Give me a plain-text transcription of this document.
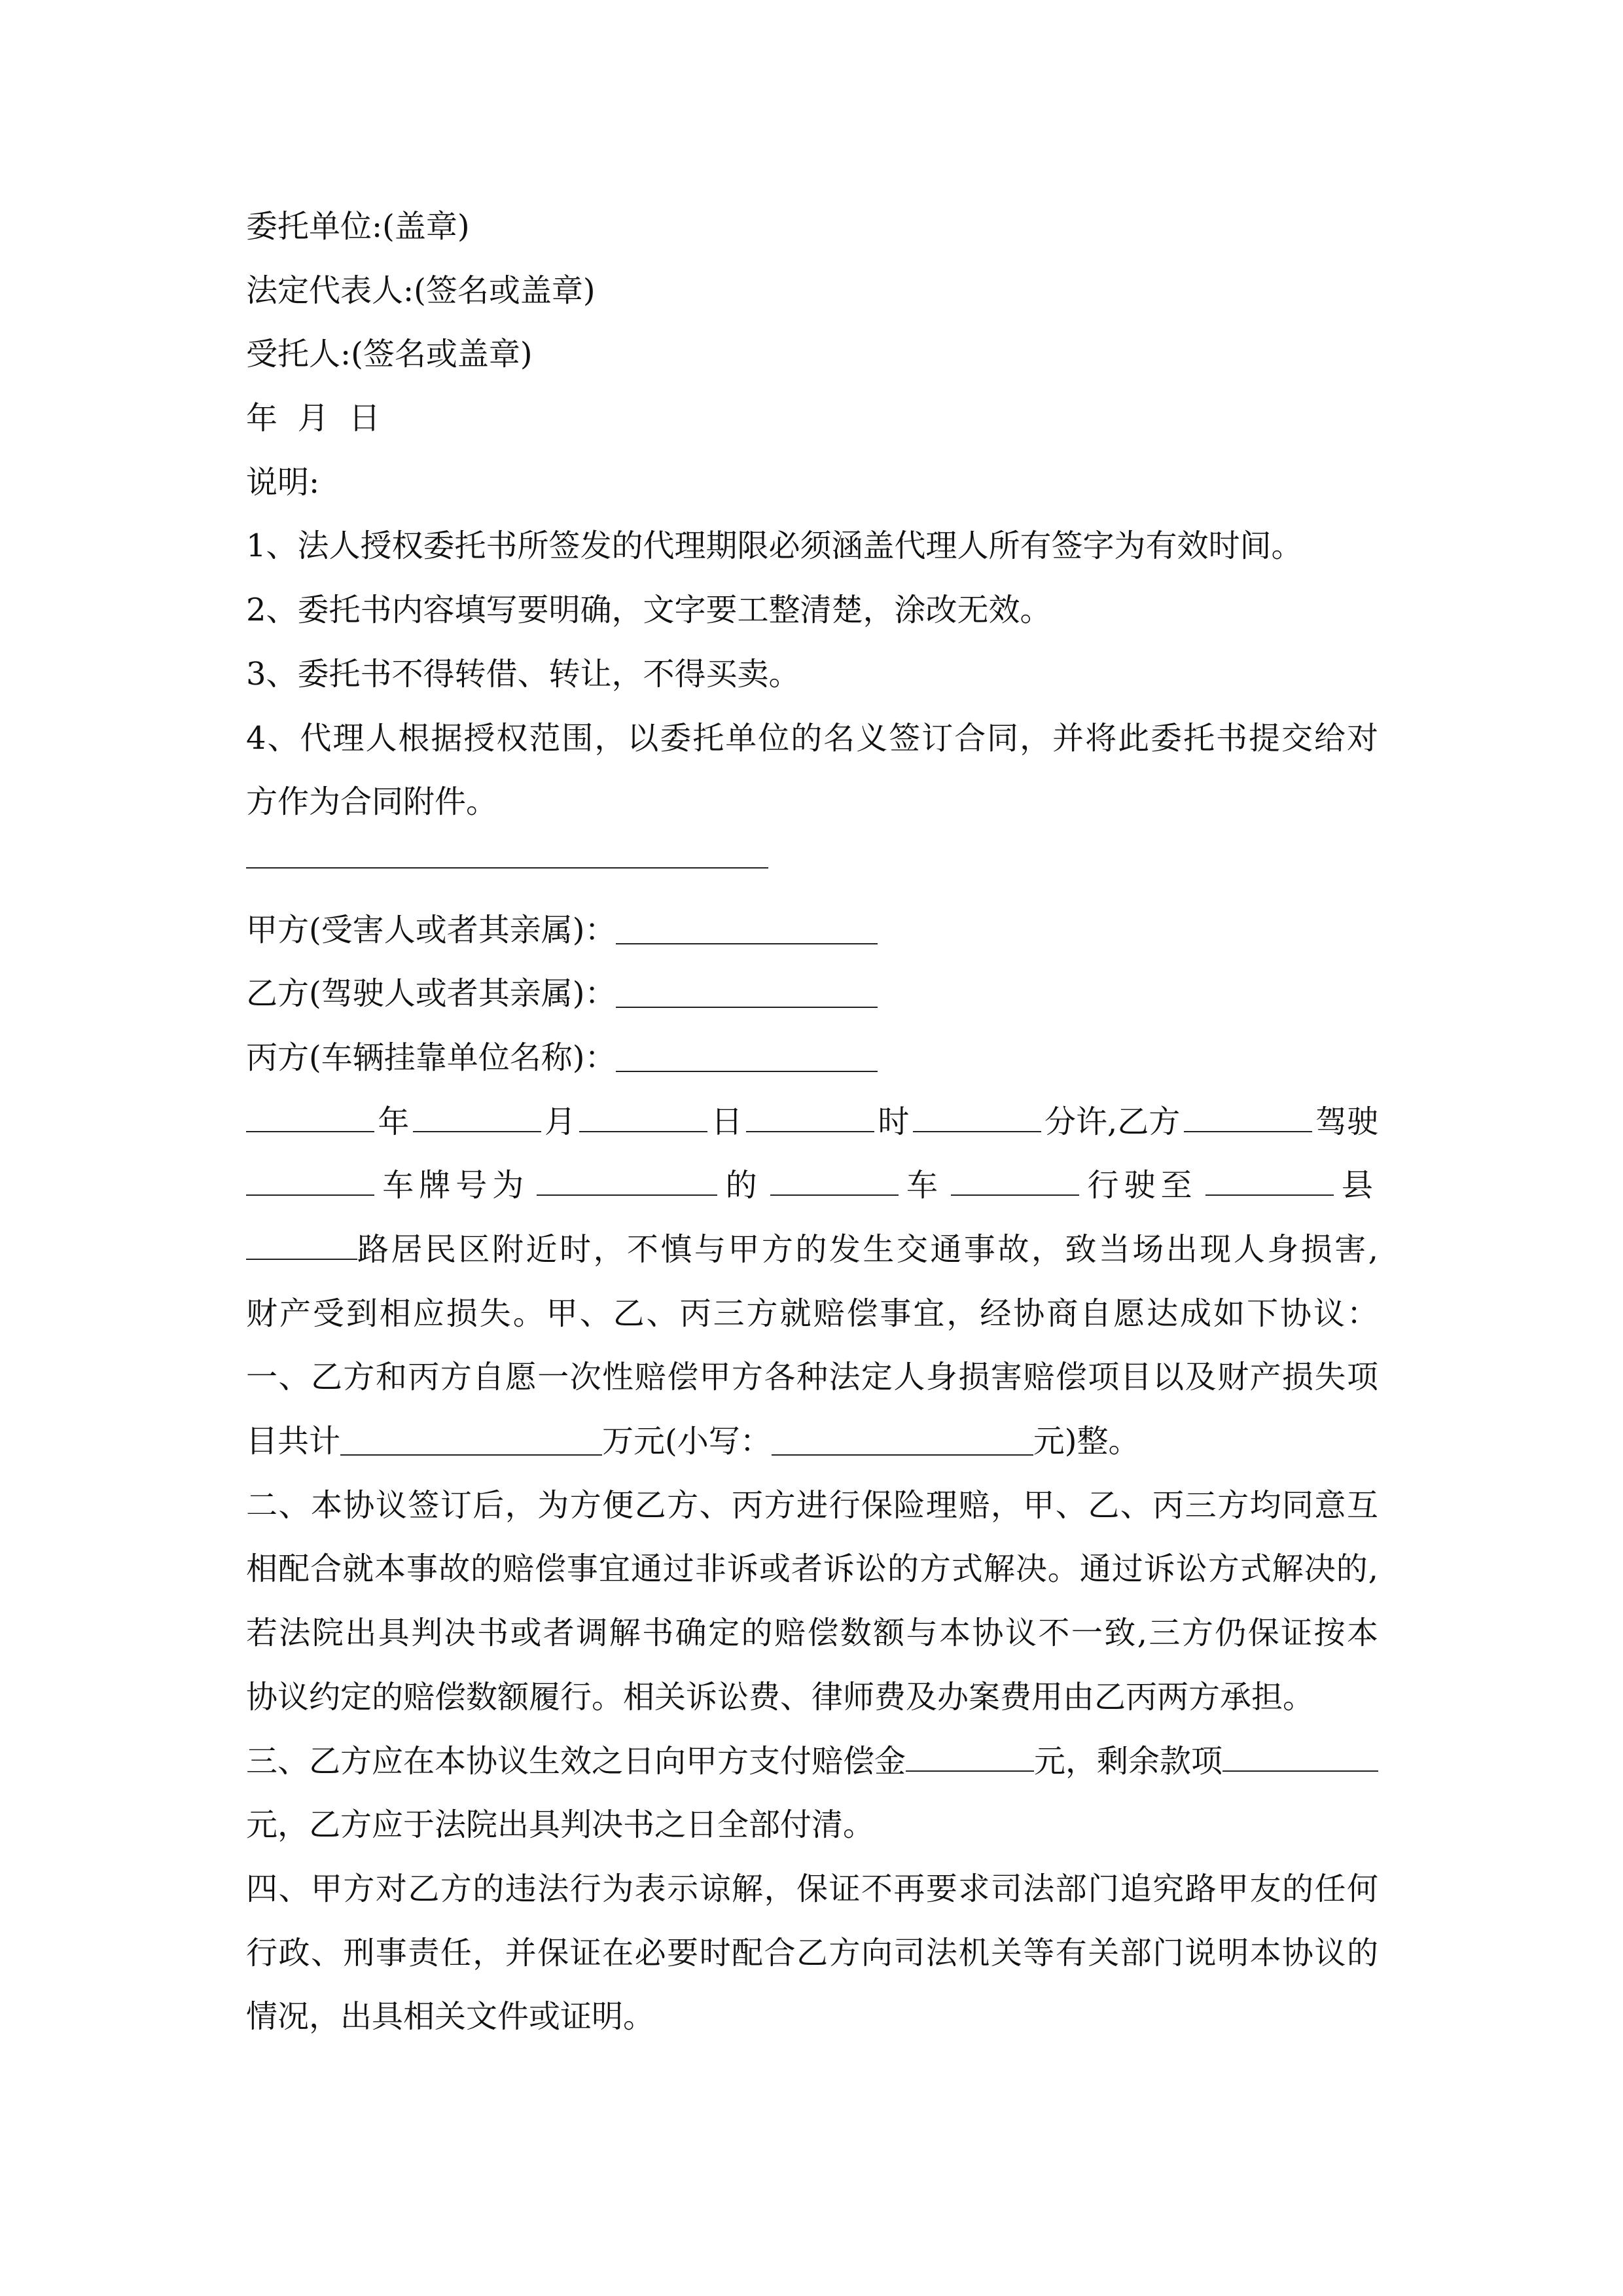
委托单位:(盖章)
法定代表人:(签名或盖章)
受托人:(签名或盖章)
年  月  日
说明:
1、法人授权委托书所签发的代理期限必须涵盖代理人所有签字为有效时间。
2、委托书内容填写要明确，文字要工整清楚，涂改无效。
3、委托书不得转借、转让，不得买卖。
4、代理人根据授权范围，以委托单位的名义签订合同，并将此委托书提交给对
方作为合同附件。
甲方(受害人或者其亲属)：
乙方(驾驶人或者其亲属)：
丙方(车辆挂靠单位名称)：
年	月	日	时	分许,乙方	驾驶
车牌号为	的	车	行驶至	县
路居民区附近时，不慎与甲方的发生交通事故，致当场出现人身损害,
财产受到相应损失。甲、乙、丙三方就赔偿事宜，经协商自愿达成如下协议：
一、乙方和丙方自愿一次性赔偿甲方各种法定人身损害赔偿项目以及财产损失项
目共计	万元(小写：	元)整。
二、本协议签订后，为方便乙方、丙方进行保险理赔，甲、乙、丙三方均同意互
相配合就本事故的赔偿事宜通过非诉或者诉讼的方式解决。通过诉讼方式解决的,
若法院出具判决书或者调解书确定的赔偿数额与本协议不一致,三方仍保证按本
协议约定的赔偿数额履行。相关诉讼费、律师费及办案费用由乙丙两方承担。
三、乙方应在本协议生效之日向甲方支付赔偿金	元，剩余款项
元，乙方应于法院出具判决书之日全部付清。
四、甲方对乙方的违法行为表示谅解，保证不再要求司法部门追究路甲友的任何
行政、刑事责任，并保证在必要时配合乙方向司法机关等有关部门说明本协议的
情况，出具相关文件或证明。
